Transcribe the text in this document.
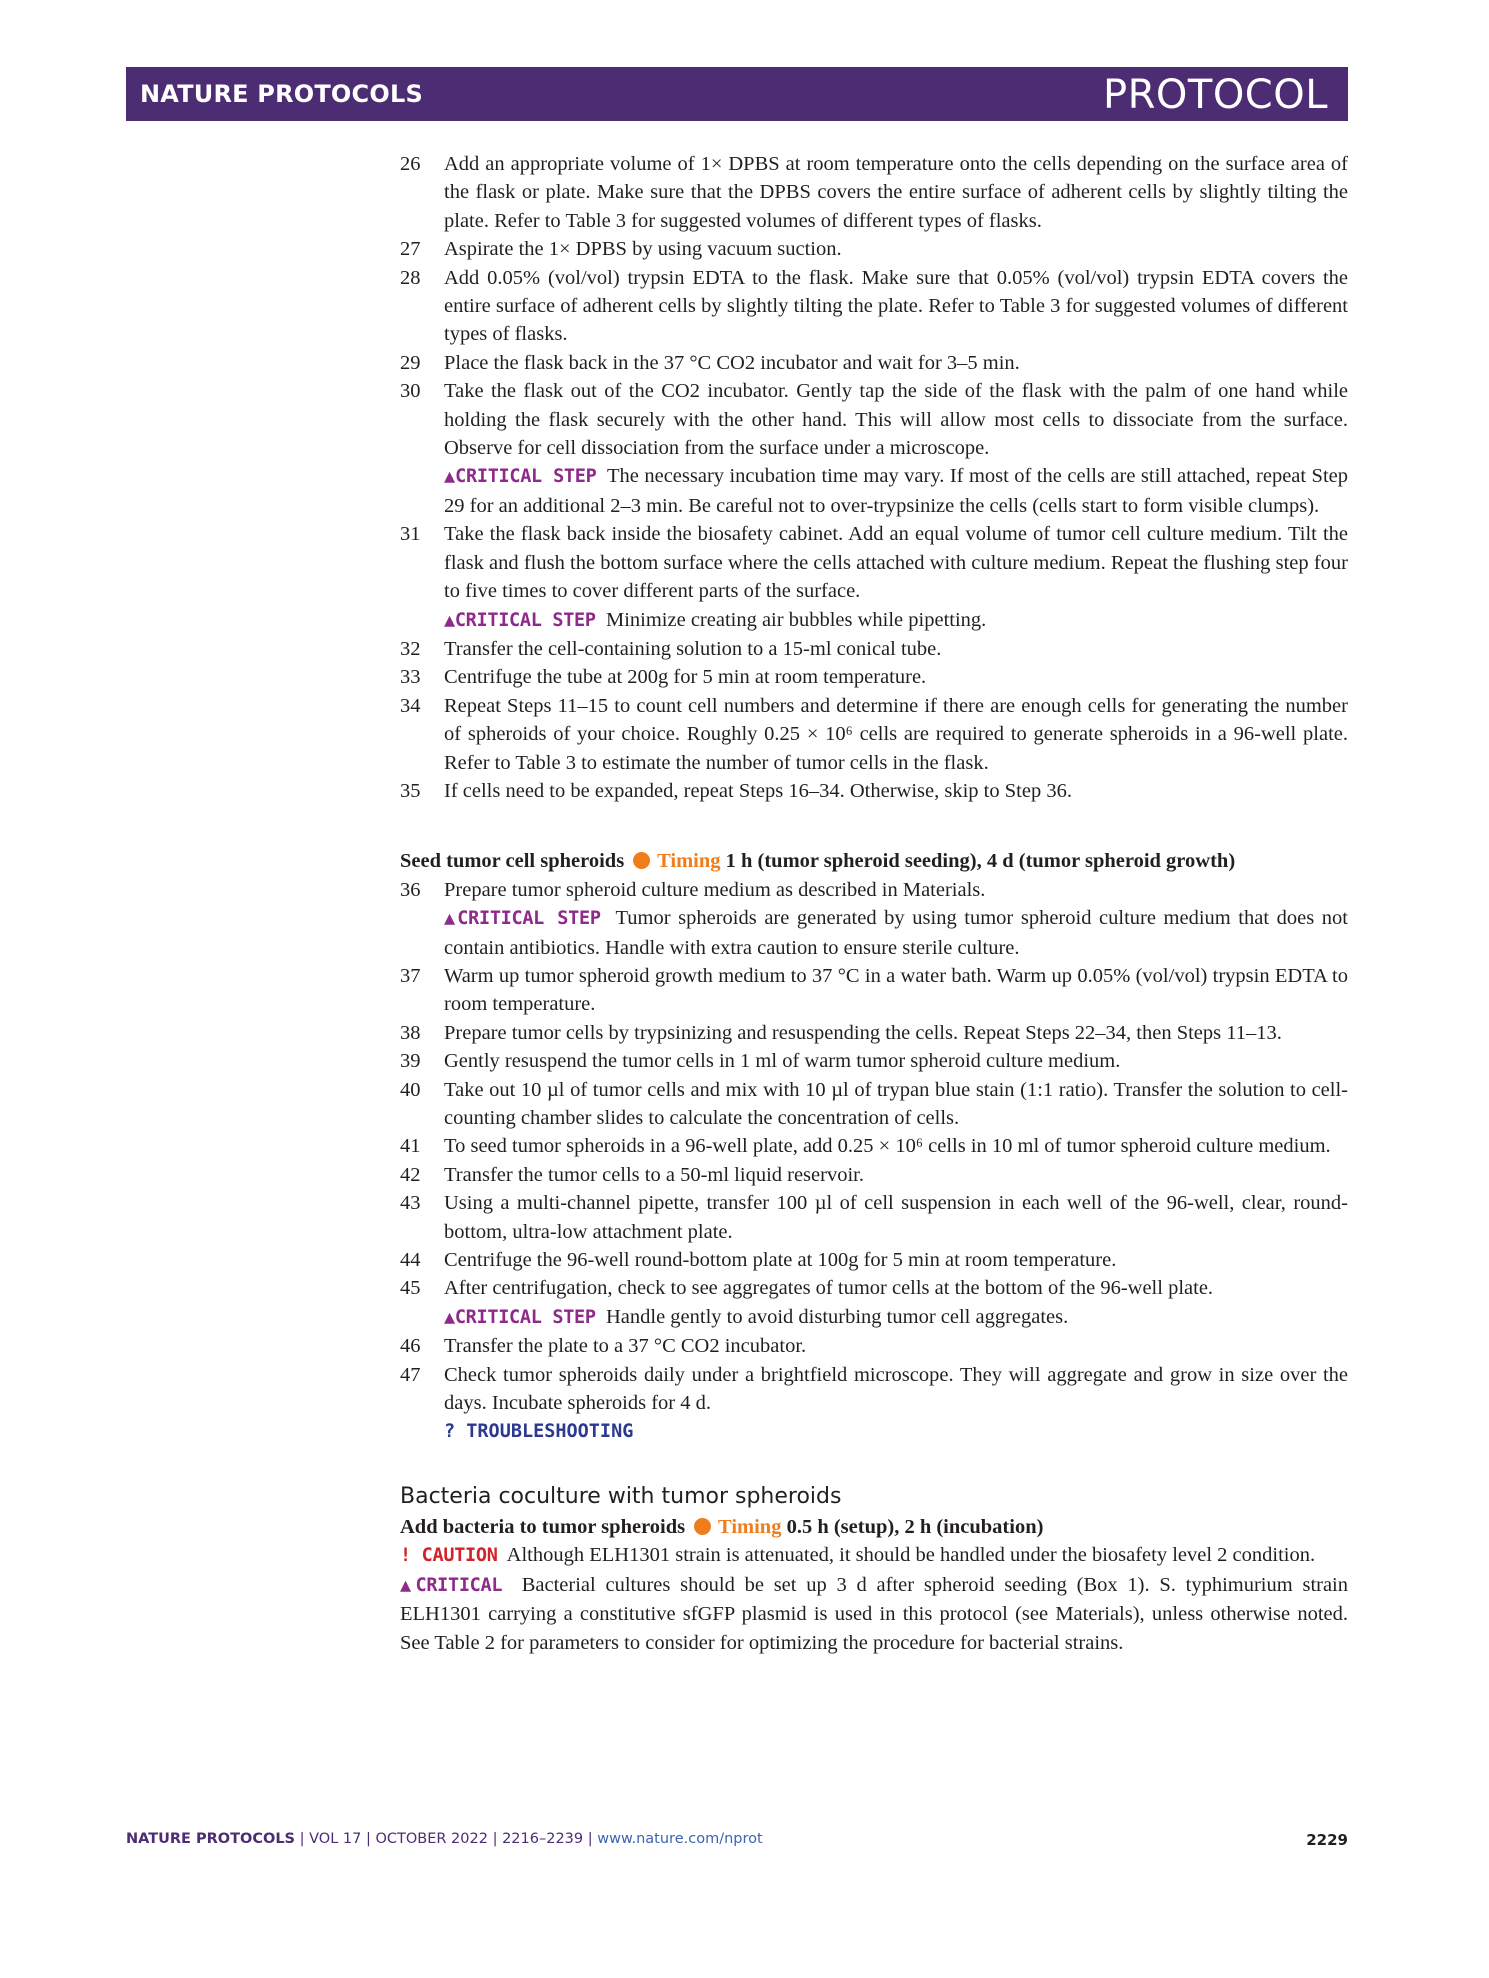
NATURE PROTOCOLS	PROTOCOL
26 Add an appropriate volume of 1× DPBS at room temperature onto the cells depending on the surface area of the flask or plate. Make sure that the DPBS covers the entire surface of adherent cells by slightly tilting the plate. Refer to Table 3 for suggested volumes of different types of flasks.
27 Aspirate the 1× DPBS by using vacuum suction.
28 Add 0.05% (vol/vol) trypsin EDTA to the flask. Make sure that 0.05% (vol/vol) trypsin EDTA covers the entire surface of adherent cells by slightly tilting the plate. Refer to Table 3 for suggested volumes of different types of flasks.
29 Place the flask back in the 37 °C CO2 incubator and wait for 3–5 min.
30 Take the flask out of the CO2 incubator. Gently tap the side of the flask with the palm of one hand while holding the flask securely with the other hand. This will allow most cells to dissociate from the surface. Observe for cell dissociation from the surface under a microscope.
▲CRITICAL STEP The necessary incubation time may vary. If most of the cells are still attached, repeat Step 29 for an additional 2–3 min. Be careful not to over-trypsinize the cells (cells start to form visible clumps).
31 Take the flask back inside the biosafety cabinet. Add an equal volume of tumor cell culture medium. Tilt the flask and flush the bottom surface where the cells attached with culture medium. Repeat the flushing step four to five times to cover different parts of the surface.
▲CRITICAL STEP Minimize creating air bubbles while pipetting.
32 Transfer the cell-containing solution to a 15-ml conical tube.
33 Centrifuge the tube at 200g for 5 min at room temperature.
34 Repeat Steps 11–15 to count cell numbers and determine if there are enough cells for generating the number of spheroids of your choice. Roughly 0.25 × 10⁶ cells are required to generate spheroids in a 96-well plate. Refer to Table 3 to estimate the number of tumor cells in the flask.
35 If cells need to be expanded, repeat Steps 16–34. Otherwise, skip to Step 36.
Seed tumor cell spheroids Timing 1 h (tumor spheroid seeding), 4 d (tumor spheroid growth)
36 Prepare tumor spheroid culture medium as described in Materials.
▲CRITICAL STEP Tumor spheroids are generated by using tumor spheroid culture medium that does not contain antibiotics. Handle with extra caution to ensure sterile culture.
37 Warm up tumor spheroid growth medium to 37 °C in a water bath. Warm up 0.05% (vol/vol) trypsin EDTA to room temperature.
38 Prepare tumor cells by trypsinizing and resuspending the cells. Repeat Steps 22–34, then Steps 11–13.
39 Gently resuspend the tumor cells in 1 ml of warm tumor spheroid culture medium.
40 Take out 10 µl of tumor cells and mix with 10 µl of trypan blue stain (1:1 ratio). Transfer the solution to cell-counting chamber slides to calculate the concentration of cells.
41 To seed tumor spheroids in a 96-well plate, add 0.25 × 10⁶ cells in 10 ml of tumor spheroid culture medium.
42 Transfer the tumor cells to a 50-ml liquid reservoir.
43 Using a multi-channel pipette, transfer 100 µl of cell suspension in each well of the 96-well, clear, round-bottom, ultra-low attachment plate.
44 Centrifuge the 96-well round-bottom plate at 100g for 5 min at room temperature.
45 After centrifugation, check to see aggregates of tumor cells at the bottom of the 96-well plate.
▲CRITICAL STEP Handle gently to avoid disturbing tumor cell aggregates.
46 Transfer the plate to a 37 °C CO2 incubator.
47 Check tumor spheroids daily under a brightfield microscope. They will aggregate and grow in size over the days. Incubate spheroids for 4 d.
? TROUBLESHOOTING
Bacteria coculture with tumor spheroids
Add bacteria to tumor spheroids Timing 0.5 h (setup), 2 h (incubation)
! CAUTION Although ELH1301 strain is attenuated, it should be handled under the biosafety level 2 condition.
▲CRITICAL Bacterial cultures should be set up 3 d after spheroid seeding (Box 1). S. typhimurium strain ELH1301 carrying a constitutive sfGFP plasmid is used in this protocol (see Materials), unless otherwise noted. See Table 2 for parameters to consider for optimizing the procedure for bacterial strains.
NATURE PROTOCOLS | VOL 17 | OCTOBER 2022 | 2216–2239 | www.nature.com/nprot	2229
